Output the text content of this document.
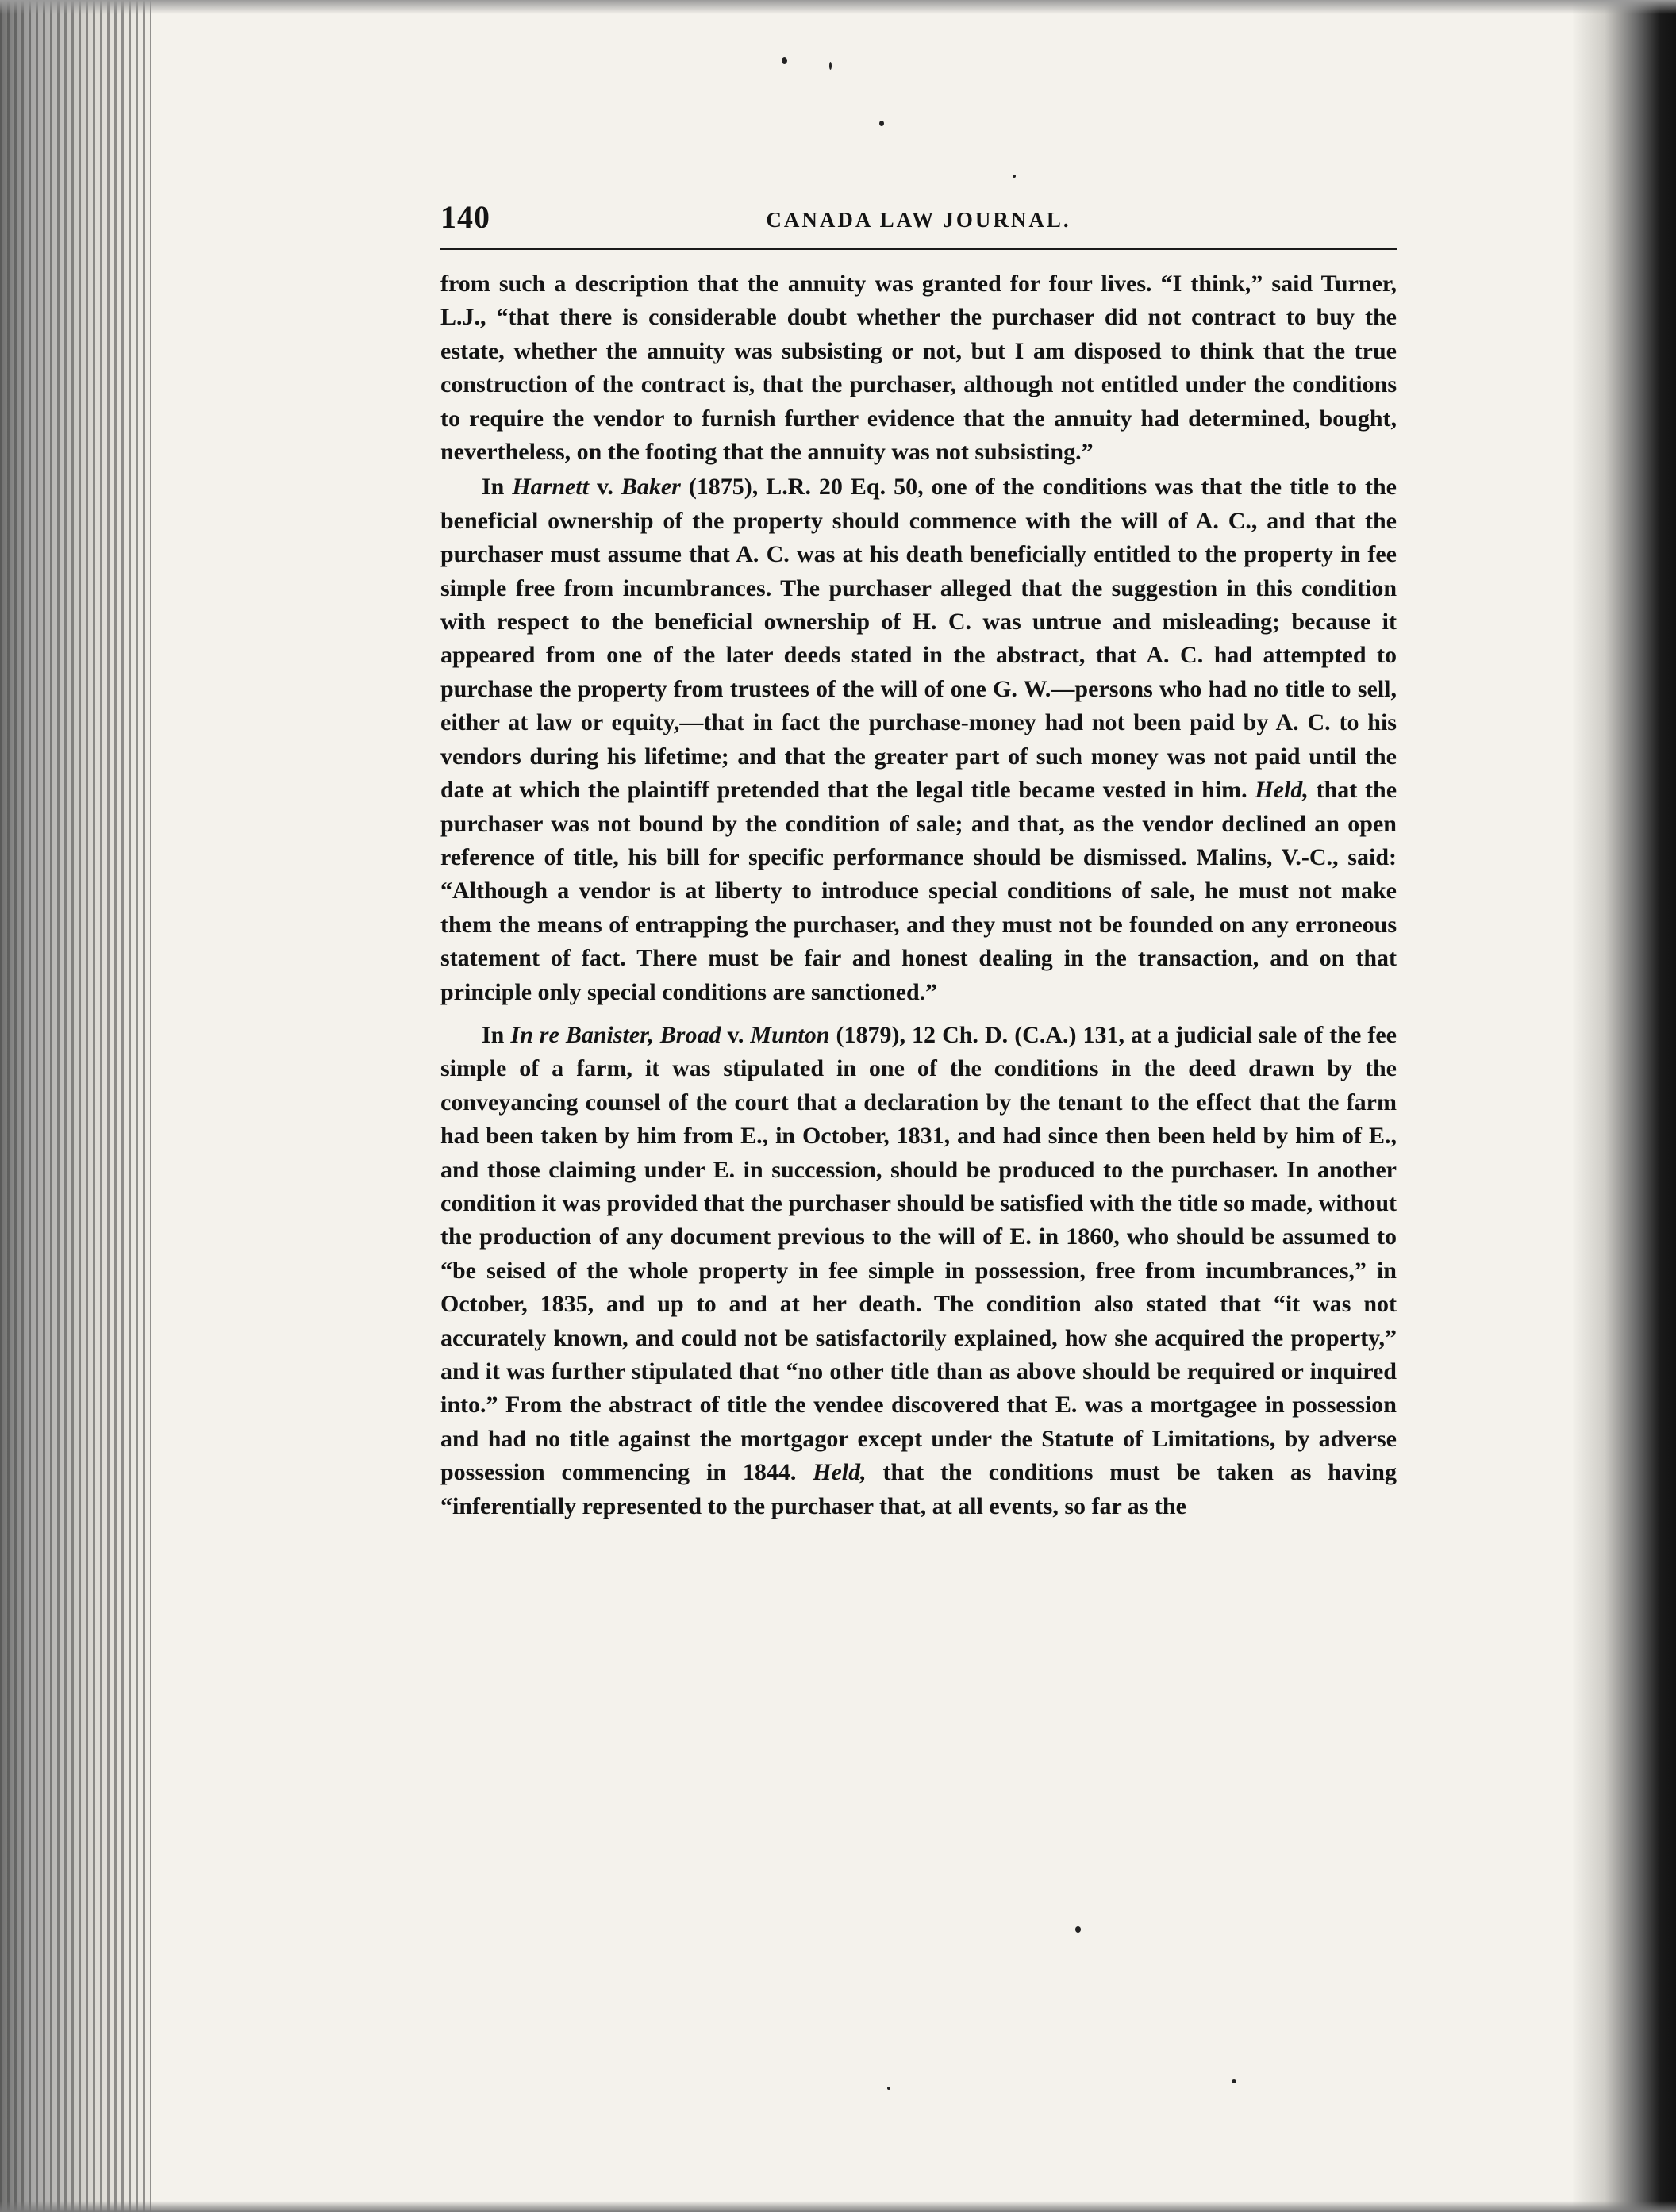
140	CANADA LAW JOURNAL.

from such a description that the annuity was granted for four lives. “I think,” said Turner, L.J., “that there is considerable doubt whether the purchaser did not contract to buy the estate, whether the annuity was subsisting or not, but I am disposed to think that the true construction of the contract is, that the purchaser, although not entitled under the conditions to require the vendor to furnish further evidence that the annuity had determined, bought, nevertheless, on the footing that the annuity was not subsisting.”

In Harnett v. Baker (1875), L.R. 20 Eq. 50, one of the conditions was that the title to the beneficial ownership of the property should commence with the will of A. C., and that the purchaser must assume that A. C. was at his death beneficially entitled to the property in fee simple free from incumbrances. The purchaser alleged that the suggestion in this condition with respect to the beneficial ownership of H. C. was untrue and misleading; because it appeared from one of the later deeds stated in the abstract, that A. C. had attempted to purchase the property from trustees of the will of one G. W.—persons who had no title to sell, either at law or equity,—that in fact the purchase-money had not been paid by A. C. to his vendors during his lifetime; and that the greater part of such money was not paid until the date at which the plaintiff pretended that the legal title became vested in him. Held, that the purchaser was not bound by the condition of sale; and that, as the vendor declined an open reference of title, his bill for specific performance should be dismissed. Malins, V.-C., said: “Although a vendor is at liberty to introduce special conditions of sale, he must not make them the means of entrapping the purchaser, and they must not be founded on any erroneous statement of fact. There must be fair and honest dealing in the transaction, and on that principle only special conditions are sanctioned.”

In In re Banister, Broad v. Munton (1879), 12 Ch. D. (C.A.) 131, at a judicial sale of the fee simple of a farm, it was stipulated in one of the conditions in the deed drawn by the conveyancing counsel of the court that a declaration by the tenant to the effect that the farm had been taken by him from E., in October, 1831, and had since then been held by him of E., and those claiming under E. in succession, should be produced to the purchaser. In another condition it was provided that the purchaser should be satisfied with the title so made, without the production of any document previous to the will of E. in 1860, who should be assumed to “be seised of the whole property in fee simple in possession, free from incumbrances,” in October, 1835, and up to and at her death. The condition also stated that “it was not accurately known, and could not be satisfactorily explained, how she acquired the property,” and it was further stipulated that “no other title than as above should be required or inquired into.” From the abstract of title the vendee discovered that E. was a mortgagee in possession and had no title against the mortgagor except under the Statute of Limitations, by adverse possession commencing in 1844. Held, that the conditions must be taken as having “inferentially represented to the purchaser that, at all events, so far as the
